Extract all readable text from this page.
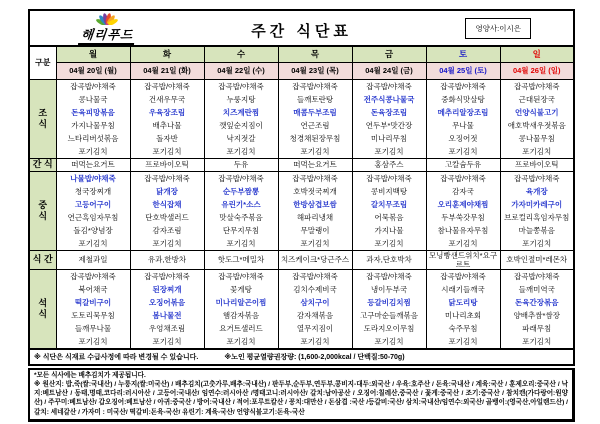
해리푸드	주간 식단표	영양사:이시은
구분	월	화	수	목	금	토	일
	04월 20일 (월)	04월 21일 (화)	04월 22일 (수)	04월 23일 (목)	04월 24일 (금)	04월 25일 (토)	04월 26일 (일)

조
식

잡곡밥/야채죽
콩나물국
돈육피망볶음
가지나물무침
느타리버섯볶음
포기김치

잡곡밥/야채죽
건새우무국
우육장조림
배추나물
돌자반
포기김치

잡곡밥/야채죽
누룽지탕
치즈계란찜
깻잎순지짐이
낙지젓갈
포기김치

잡곡밥/야채죽
들깨토란탕
매콤두부조림
연근조림
청경채된장무침
포기김치

잡곡밥/야채죽
전주식콩나물국
돈육장조림
연두부*맛간장
미나리무침
포기김치

잡곡밥/야채죽
중화식맛살탕
메추리알장조림
무나물
오징어젓
포기김치

잡곡밥/야채죽
근대된장국
언양식불고기
애호박새우젓볶음
콩나물무침
포기김치

간 식	떠먹는요거트	프로바이오틱	두유	떠먹는요거트	홍삼주스	고칼슘두유	프로바이오틱

중
식

나물밥/야채죽
청국장찌개
고등어구이
연근흑임자무침
돌김*양념장
포기김치

잡곡밥/야채죽
닭개장
한식잡채
단호박샐러드
감자조림
포기김치

잡곡밥/야채죽
순두부짬뽕
유린기*소스
맛살숙주볶음
단무지무침
포기김치

잡곡밥/야채죽
호박젓국찌개
한방삼겹보쌈
해파리냉채
무말랭이
포기김치

잡곡밥/야채죽
콩비지백탕
갈치무조림
어묵볶음
가지나물
포기김치

잡곡밥/야채죽
감자국
오리훈제야채찜
두부쑥갓무침
참나물유자무침
포기김치

잡곡밥/야채죽
육개장
가자미카레구이
브로컬리흑임자무침
마늘쫑볶음
포기김치

식 간	제철과일	유과,한방차	핫도그*메밀차	치즈케이크*당근주스	과자,단호박차	모닝빵샌드위치*요구르트	호박인절미*레몬차

석
식

잡곡밥/야채죽
북어채국
떡갈비구이
도토리묵무침
들깨무나물
포기김치

잡곡밥/야채죽
된장찌개
오징어볶음
봄나물전
우엉채조림
포기김치

잡곡밥/야채죽
꽃게탕
미나리알곤이찜
햄감자볶음
요거트샐러드
포기김치

잡곡밥/야채죽
김치수제비국
삼치구이
감자채볶음
열무지짐이
포기김치

잡곡밥/야채죽
냉이두부국
등갈비김치찜
고구마순들깨볶음
도라지오이무침
포기김치

잡곡밥/야채죽
시래기들깨국
닭도리탕
미나리초회
숙주무침
포기김치

잡곡밥/야채죽
들깨미역국
돈육간장볶음
양배추쌈*쌈장
파래무침
포기김치
※ 식단은 식재료 수급사정에 따라 변경될 수 있습니다.	※노인 평균열량권장량: (1,600-2,000kcal / 단백질:50-70g)
*모든 식사에는 배추김치가 제공됩니다.

※ 원산지: 밥,죽(쌀:국내산) / 누룽지(쌀:미국산) / 배추김치(고춧가루,배추:국내산) / 판두부,순두부,연두부,콩비지-대두:외국산 / 우육:호주산 / 돈육:국내산 / 계육:국산 / 훈제오리:중국산 / 낙지:베트남산 / 동태,명태,코다리:러시아산 / 고등어:국내산/ 임연수:러시아산 /명태고니:러시아산/ 갈치:남아공산 / 오징어:칠레산,중국산 / 꽃게:중국산 / 조기:중국산 / 참치캔(가다랑어:원양산) / 주꾸미:베트남산/ 갑오징어:베트남산 / 아귀:중국산 / 방어:국내산 / 적어:포루트칼산 / 꽁치:대만산 / 돈삼겹 :국산 /등갈비:국산/ 삼치:국내산/임연수:외국산/ 골뱅이:(영국산,아일랜드산) /갈치: 세네갈산 / 가자미 : 미국산/ 떡갈비:돈육-국산/ 유린기: 계육-국산/ 언양식불고기:돈육-국산
